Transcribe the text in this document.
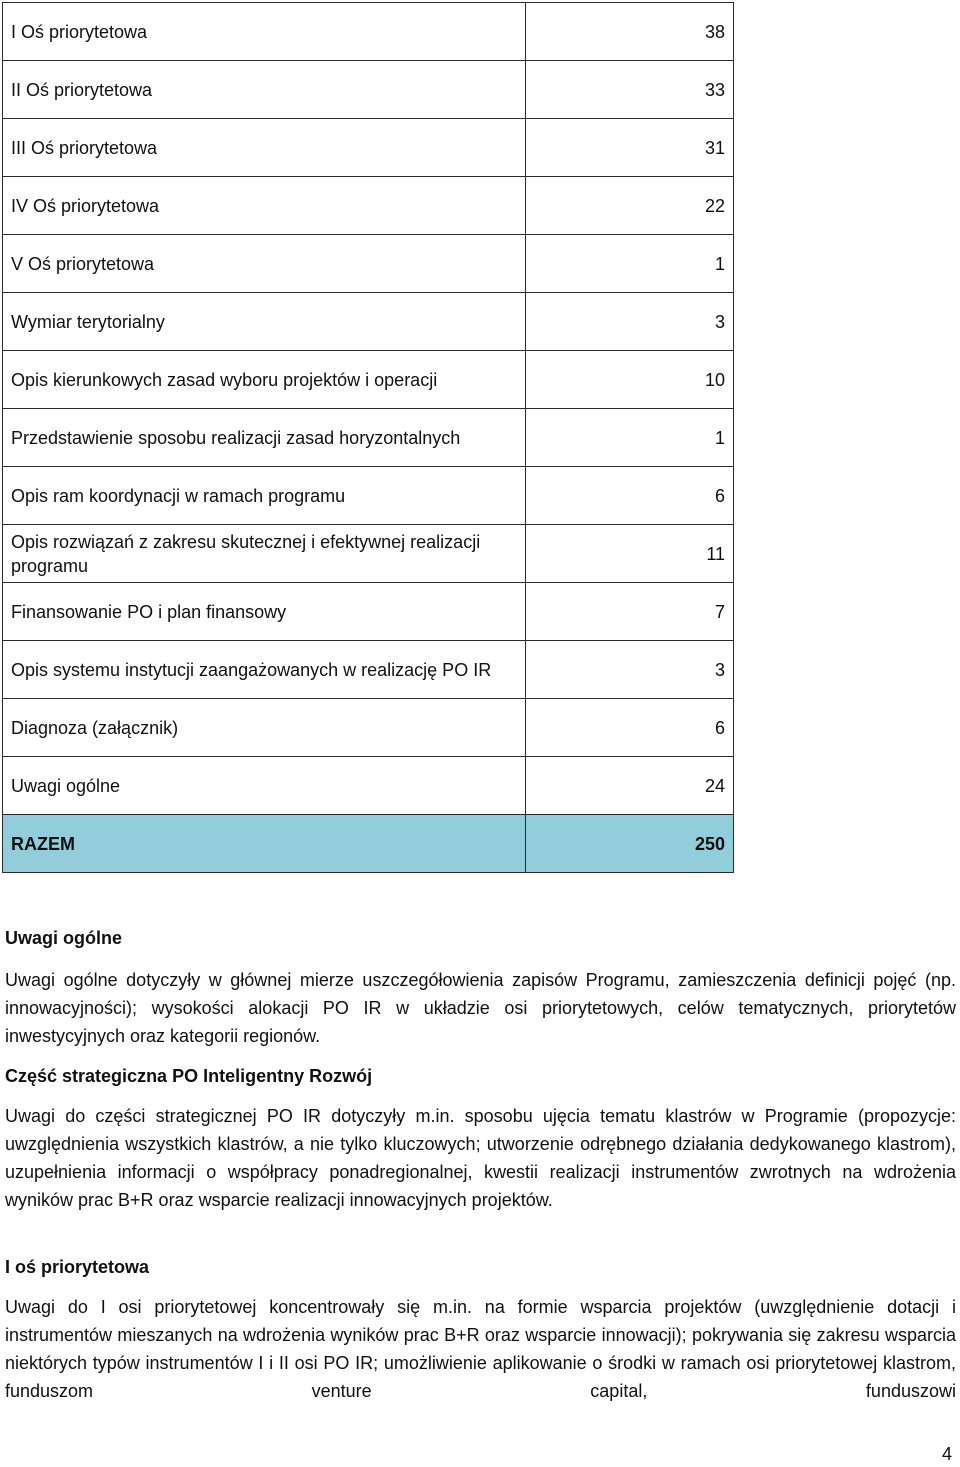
I Oś priorytetowa	38
II Oś priorytetowa	33
III Oś priorytetowa	31
IV Oś priorytetowa	22
V Oś priorytetowa	1
Wymiar terytorialny	3
Opis kierunkowych zasad wyboru projektów i operacji	10
Przedstawienie sposobu realizacji zasad horyzontalnych	1
Opis ram koordynacji w ramach programu	6
Opis rozwiązań z zakresu skutecznej i efektywnej realizacji programu	11
Finansowanie PO i plan finansowy	7
Opis systemu instytucji zaangażowanych w realizację PO IR	3
Diagnoza (załącznik)	6
Uwagi ogólne	24
RAZEM	250
Uwagi ogólne

Uwagi ogólne dotyczyły w głównej mierze uszczegółowienia zapisów Programu, zamieszczenia definicji pojęć (np. innowacyjności); wysokości alokacji PO IR w układzie osi priorytetowych, celów tematycznych, priorytetów inwestycyjnych oraz kategorii regionów.

Część strategiczna PO Inteligentny Rozwój

Uwagi do części strategicznej PO IR dotyczyły m.in. sposobu ujęcia tematu klastrów w Programie (propozycje: uwzględnienia wszystkich klastrów, a nie tylko kluczowych; utworzenie odrębnego działania dedykowanego klastrom), uzupełnienia informacji o współpracy ponadregionalnej, kwestii realizacji instrumentów zwrotnych na wdrożenia wyników prac B+R oraz wsparcie realizacji innowacyjnych projektów.

I oś priorytetowa

Uwagi do I osi priorytetowej koncentrowały się m.in. na formie wsparcia projektów (uwzględnienie dotacji i instrumentów mieszanych na wdrożenia wyników prac B+R oraz wsparcie innowacji); pokrywania się zakresu wsparcia niektórych typów instrumentów I i II osi PO IR; umożliwienie aplikowanie o środki w ramach osi priorytetowej klastrom, funduszom venture capital, funduszowi

4
